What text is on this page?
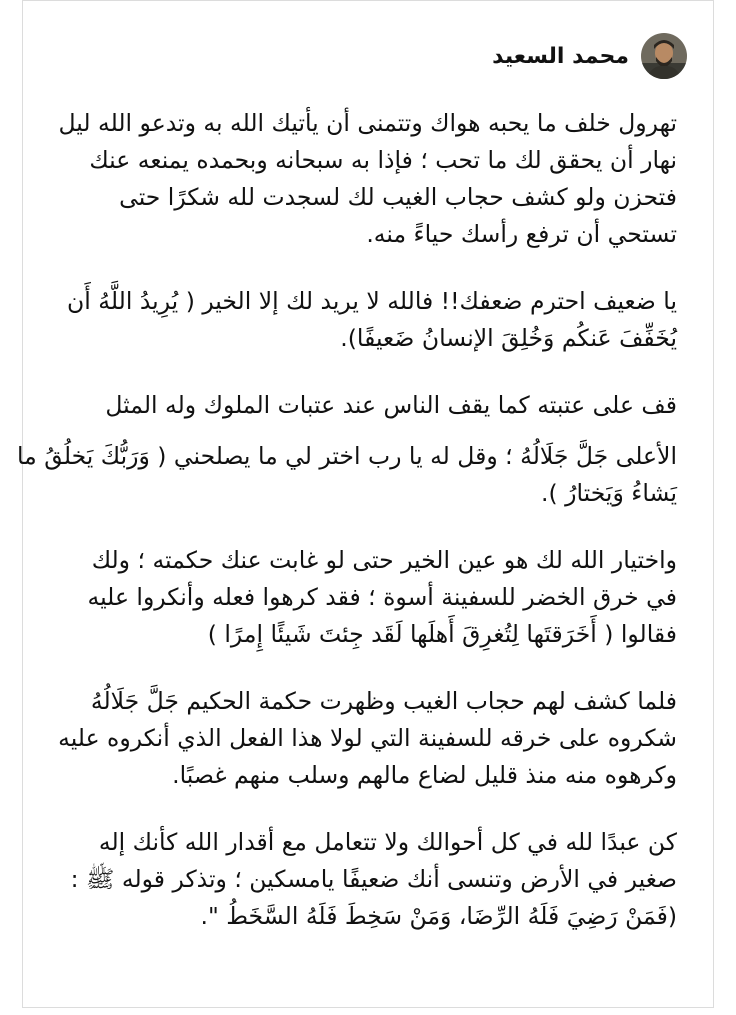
محمد السعيد

تهرول خلف ما يحبه هواك وتتمنى أن يأتيك الله به وتدعو الله ليل
نهار أن يحقق لك ما تحب ؛ فإذا به سبحانه وبحمده يمنعه عنك
فتحزن ولو كشف حجاب الغيب لك لسجدت لله شكرًا حتى
تستحي أن ترفع رأسك حياءً منه.

يا ضعيف احترم ضعفك!! فالله لا يريد لك إلا الخير ( يُرِيدُ اللَّهُ أَن
يُخَفِّفَ عَنكُم وَخُلِقَ الإنسانُ ضَعيفًا).

قف على عتبته كما يقف الناس عند عتبات الملوك وله المثل
الأعلى جَلَّ جَلَالُهُ ؛ وقل له يا رب اختر لي ما يصلحني ( وَرَبُّكَ يَخلُقُ ما
يَشاءُ وَيَختارُ ).

واختيار الله لك هو عين الخير حتى لو غابت عنك حكمته ؛ ولك
في خرق الخضر للسفينة أسوة ؛ فقد كرهوا فعله وأنكروا عليه
فقالوا ( أَخَرَقتَها لِتُغرِقَ أَهلَها لَقَد جِئتَ شَيئًا إِمرًا )

فلما كشف لهم حجاب الغيب وظهرت حكمة الحكيم جَلَّ جَلَالُهُ
شكروه على خرقه للسفينة التي لولا هذا الفعل الذي أنكروه عليه
وكرهوه منه منذ قليل لضاع مالهم وسلب منهم غصبًا.

كن عبدًا لله في كل أحوالك ولا تتعامل مع أقدار الله كأنك إله
صغير في الأرض وتنسى أنك ضعيفًا يامسكين ؛ وتذكر قوله ﷺ :
(فَمَنْ رَضِيَ فَلَهُ الرِّضَا، وَمَنْ سَخِطَ فَلَهُ السَّخَطُ ".
